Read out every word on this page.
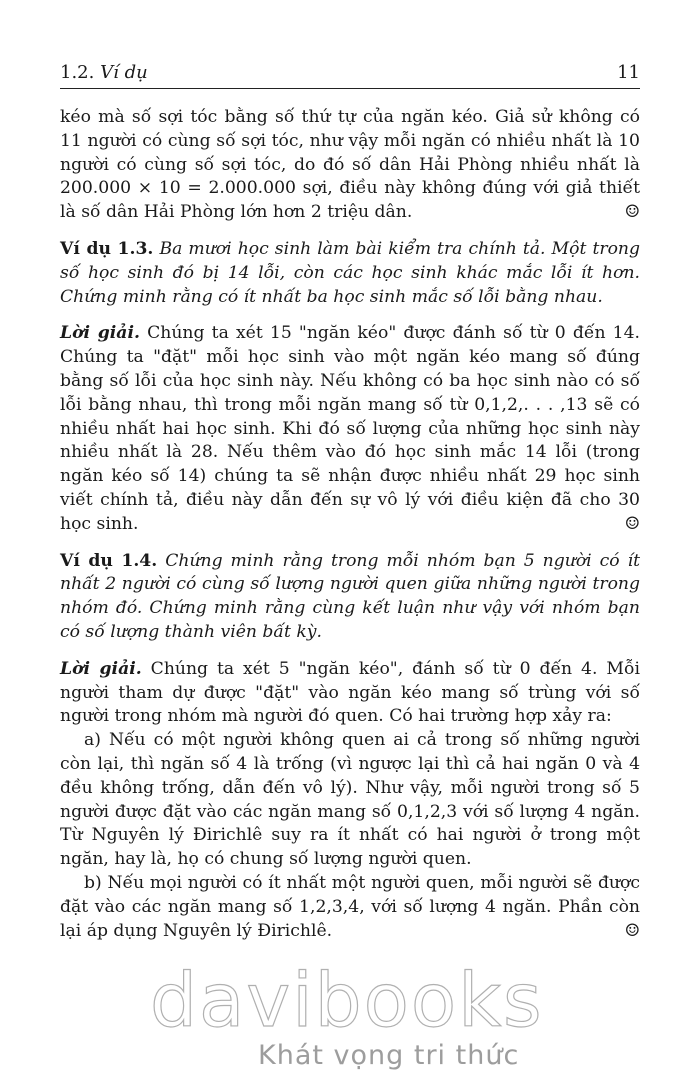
1.2. Ví dụ	11

kéo mà số sợi tóc bằng số thứ tự của ngăn kéo. Giả sử không có 11 người có cùng số sợi tóc, như vậy mỗi ngăn có nhiều nhất là 10 người có cùng số sợi tóc, do đó số dân Hải Phòng nhiều nhất là 200.000 × 10 = 2.000.000 sợi, điều này không đúng với giả thiết là số dân Hải Phòng lớn hơn 2 triệu dân.	☺

Ví dụ 1.3. Ba mươi học sinh làm bài kiểm tra chính tả. Một trong số học sinh đó bị 14 lỗi, còn các học sinh khác mắc lỗi ít hơn. Chứng minh rằng có ít nhất ba học sinh mắc số lỗi bằng nhau.

Lời giải. Chúng ta xét 15 "ngăn kéo" được đánh số từ 0 đến 14. Chúng ta "đặt" mỗi học sinh vào một ngăn kéo mang số đúng bằng số lỗi của học sinh này. Nếu không có ba học sinh nào có số lỗi bằng nhau, thì trong mỗi ngăn mang số từ 0,1,2,. . . ,13 sẽ có nhiều nhất hai học sinh. Khi đó số lượng của những học sinh này nhiều nhất là 28. Nếu thêm vào đó học sinh mắc 14 lỗi (trong ngăn kéo số 14) chúng ta sẽ nhận được nhiều nhất 29 học sinh viết chính tả, điều này dẫn đến sự vô lý với điều kiện đã cho 30 học sinh.	☺

Ví dụ 1.4. Chứng minh rằng trong mỗi nhóm bạn 5 người có ít nhất 2 người có cùng số lượng người quen giữa những người trong nhóm đó. Chứng minh rằng cùng kết luận như vậy với nhóm bạn có số lượng thành viên bất kỳ.

Lời giải. Chúng ta xét 5 "ngăn kéo", đánh số từ 0 đến 4. Mỗi người tham dự được "đặt" vào ngăn kéo mang số trùng với số người trong nhóm mà người đó quen. Có hai trường hợp xảy ra:

a) Nếu có một người không quen ai cả trong số những người còn lại, thì ngăn số 4 là trống (vì ngược lại thì cả hai ngăn 0 và 4 đều không trống, dẫn đến vô lý). Như vậy, mỗi người trong số 5 người được đặt vào các ngăn mang số 0,1,2,3 với số lượng 4 ngăn. Từ Nguyên lý Đirichlê suy ra ít nhất có hai người ở trong một ngăn, hay là, họ có chung số lượng người quen.

b) Nếu mọi người có ít nhất một người quen, mỗi người sẽ được đặt vào các ngăn mang số 1,2,3,4, với số lượng 4 ngăn. Phần còn lại áp dụng Nguyên lý Đirichlê.	☺

davibooks
Khát vọng tri thức
